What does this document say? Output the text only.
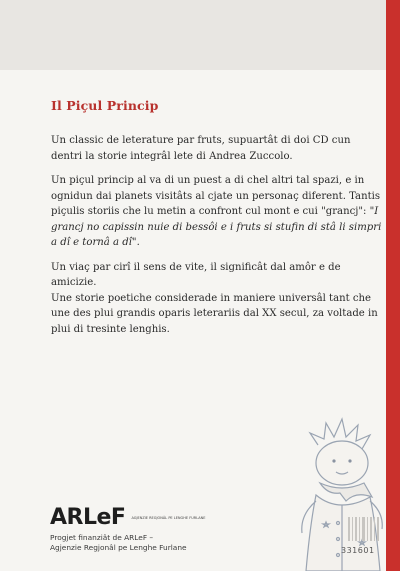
Il Piçul Princip

Un classic de leterature par fruts, supuartât di doi CD cun dentri la storie integrâl lete di Andrea Zuccolo.

Un piçul princip al va di un puest a di chel altri tal spazi, e in ognidun dai planets visitâts al cjate un personaç diferent. Tantis piçulis storiis che lu metin a confront cul mont e cui "grancj": "I grancj no capissin nuie di bessôi e i fruts si stufin di stâ li simpri a dî e tornâ a dî".

Un viaç par cirî il sens de vite, il significât dal amôr e de amicizie.

Une storie poetiche considerade in maniere universâl tant che une des plui grandis oparis leterariis dal XX secul, za voltade in plui di tresinte lenghis.

ARLeF AGJENZIE REGJONÂL PE LENGHE FURLANE
Progjet finanziât de ARLeF –
Agjenzie Regjonâl pe Lenghe Furlane	331601
